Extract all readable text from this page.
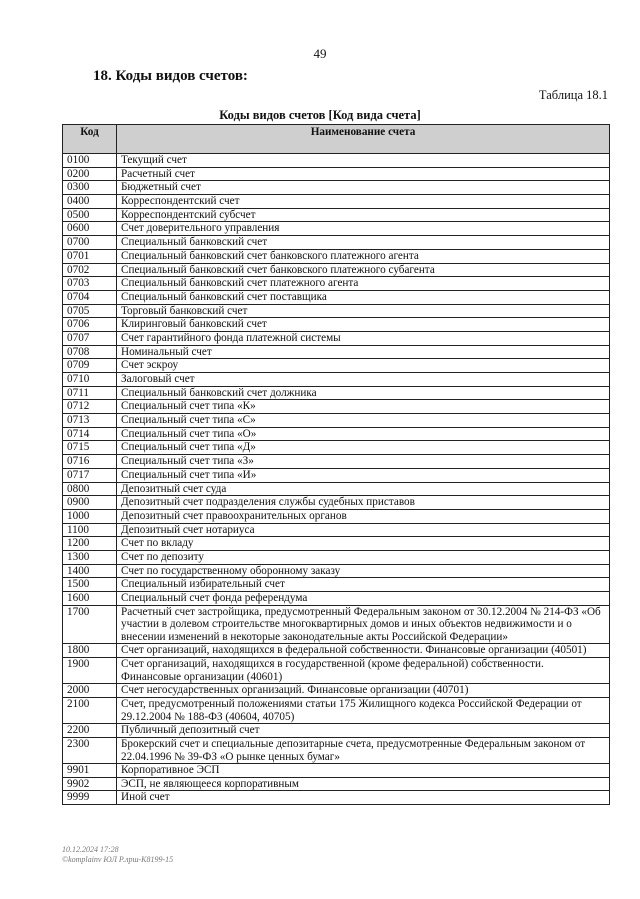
49
18. Коды видов счетов:
Таблица 18.1
Коды видов счетов [Код вида счета]
Код	Наименование счета
0100	Текущий счет
0200	Расчетный счет
0300	Бюджетный счет
0400	Корреспондентский счет
0500	Корреспондентский субсчет
0600	Счет доверительного управления
0700	Специальный банковский счет
0701	Специальный банковский счет банковского платежного агента
0702	Специальный банковский счет банковского платежного субагента
0703	Специальный банковский счет платежного агента
0704	Специальный банковский счет поставщика
0705	Торговый банковский счет
0706	Клиринговый банковский счет
0707	Счет гарантийного фонда платежной системы
0708	Номинальный счет
0709	Счет эскроу
0710	Залоговый счет
0711	Специальный банковский счет должника
0712	Специальный счет типа «К»
0713	Специальный счет типа «С»
0714	Специальный счет типа «О»
0715	Специальный счет типа «Д»
0716	Специальный счет типа «З»
0717	Специальный счет типа «И»
0800	Депозитный счет суда
0900	Депозитный счет подразделения службы судебных приставов
1000	Депозитный счет правоохранительных органов
1100	Депозитный счет нотариуса
1200	Счет по вкладу
1300	Счет по депозиту
1400	Счет по государственному оборонному заказу
1500	Специальный избирательный счет
1600	Специальный счет фонда референдума
1700	Расчетный счет застройщика, предусмотренный Федеральным законом от 30.12.2004 № 214-ФЗ «Об участии в долевом строительстве многоквартирных домов и иных объектов недвижимости и о внесении изменений в некоторые законодательные акты Российской Федерации»
1800	Счет организаций, находящихся в федеральной собственности. Финансовые организации (40501)
1900	Счет организаций, находящихся в государственной (кроме федеральной) собственности. Финансовые организации (40601)
2000	Счет негосударственных организаций. Финансовые организации (40701)
2100	Счет, предусмотренный положениями статьи 175 Жилищного кодекса Российской Федерации от 29.12.2004 № 188-ФЗ (40604, 40705)
2200	Публичный депозитный счет
2300	Брокерский счет и специальные депозитарные счета, предусмотренные Федеральным законом от 22.04.1996 № 39-ФЗ «О рынке ценных бумаг»
9901	Корпоративное ЭСП
9902	ЭСП, не являющееся корпоративным
9999	Иной счет
10.12.2024 17:28
©komplainv ЮЛ Р.лрш-К8199-15
